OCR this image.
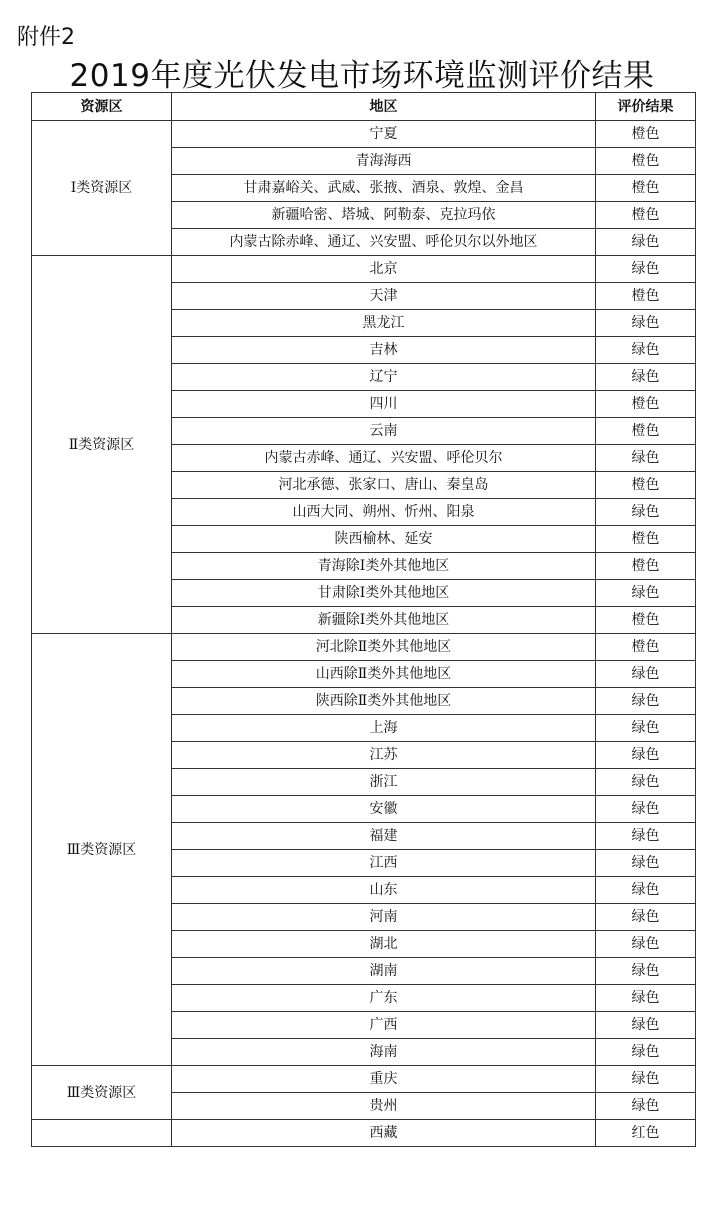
附件2
2019年度光伏发电市场环境监测评价结果
资源区	地区	评价结果
Ⅰ类资源区	宁夏	橙色
	青海海西	橙色
	甘肃嘉峪关、武威、张掖、酒泉、敦煌、金昌	橙色
	新疆哈密、塔城、阿勒泰、克拉玛依	橙色
	内蒙古除赤峰、通辽、兴安盟、呼伦贝尔以外地区	绿色
Ⅱ类资源区	北京	绿色
	天津	橙色
	黑龙江	绿色
	吉林	绿色
	辽宁	绿色
	四川	橙色
	云南	橙色
	内蒙古赤峰、通辽、兴安盟、呼伦贝尔	绿色
	河北承德、张家口、唐山、秦皇岛	橙色
	山西大同、朔州、忻州、阳泉	绿色
	陕西榆林、延安	橙色
	青海除Ⅰ类外其他地区	橙色
	甘肃除Ⅰ类外其他地区	绿色
	新疆除Ⅰ类外其他地区	橙色
Ⅲ类资源区	河北除Ⅱ类外其他地区	橙色
	山西除Ⅱ类外其他地区	绿色
	陕西除Ⅱ类外其他地区	绿色
	上海	绿色
	江苏	绿色
	浙江	绿色
	安徽	绿色
	福建	绿色
	江西	绿色
	山东	绿色
	河南	绿色
	湖北	绿色
	湖南	绿色
	广东	绿色
	广西	绿色
	海南	绿色
Ⅲ类资源区	重庆	绿色
	贵州	绿色
	西藏	红色
